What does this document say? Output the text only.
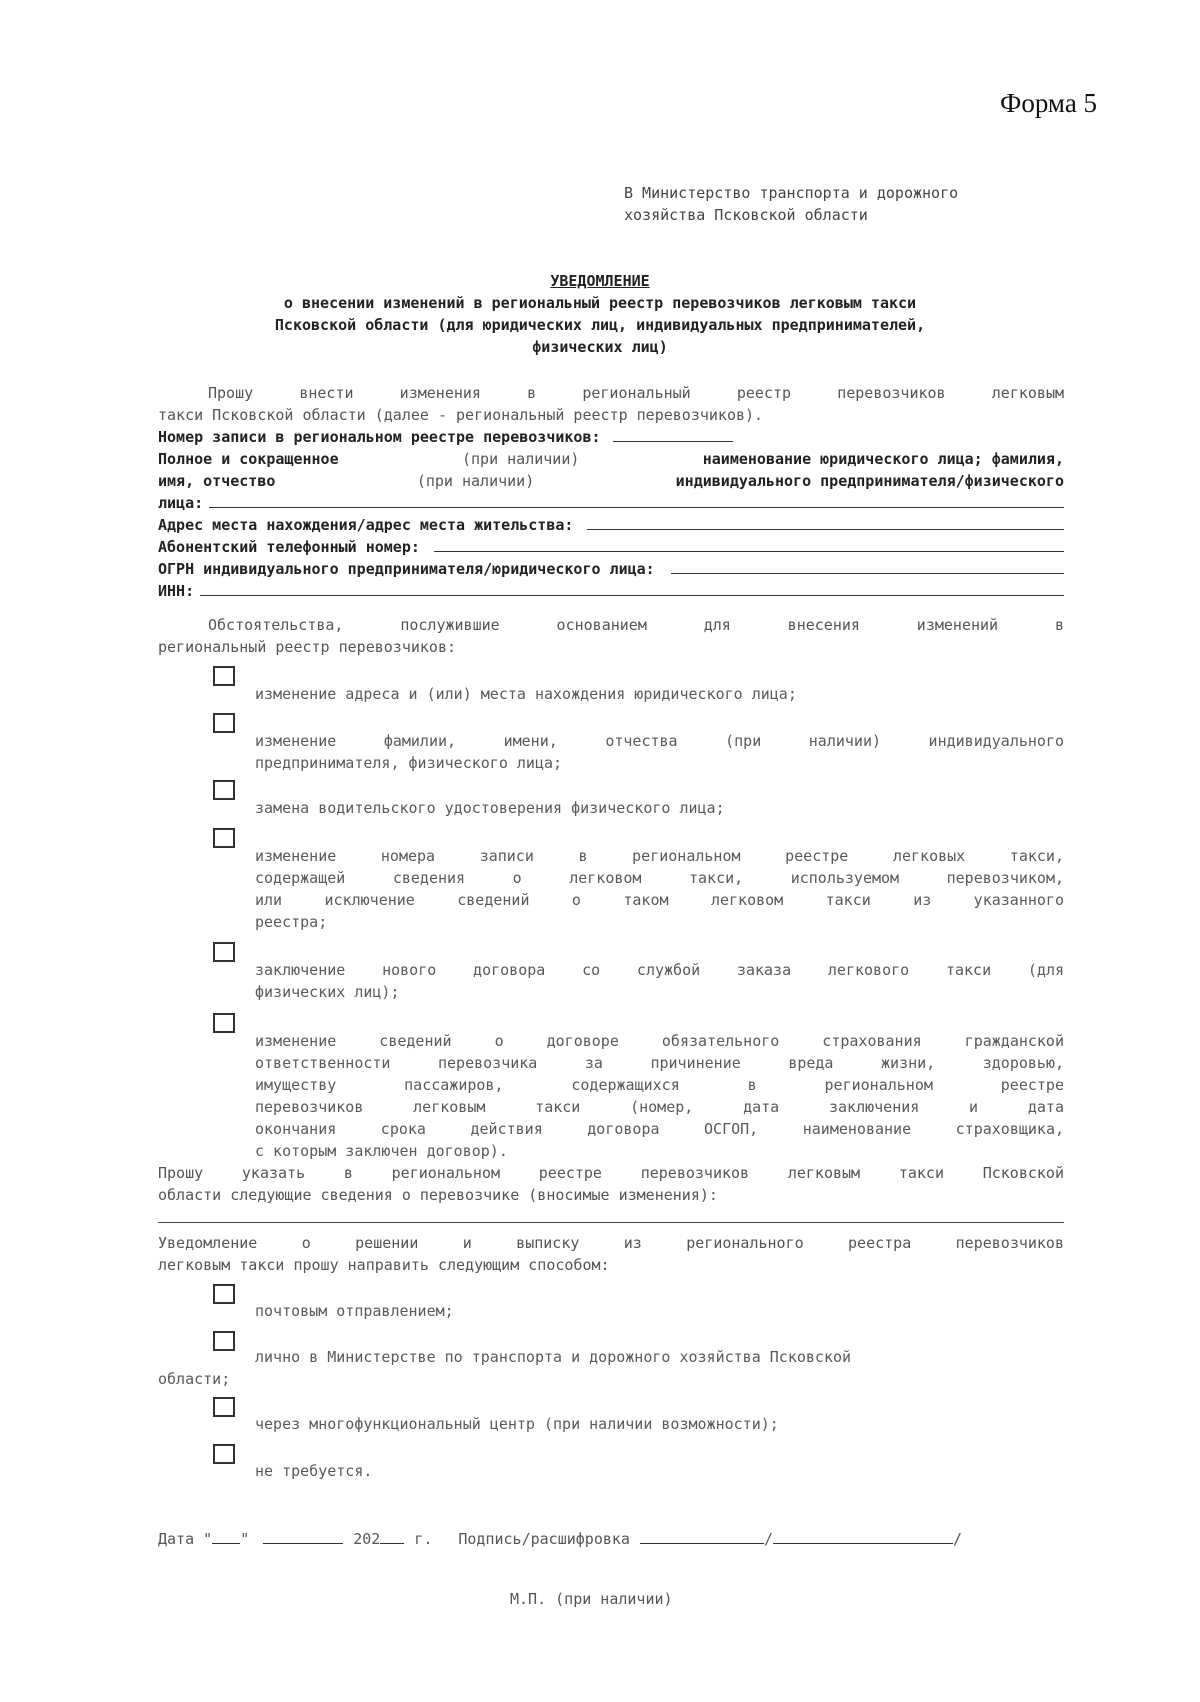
Форма 5
В Министерство транспорта и дорожного
хозяйства Псковской области
УВЕДОМЛЕНИЕ
о внесении изменений в региональный реестр перевозчиков легковым такси
Псковской области (для юридических лиц, индивидуальных предпринимателей,
физических лиц)
Прошу внести изменения в региональный реестр перевозчиков легковым
такси Псковской области (далее - региональный реестр перевозчиков).
Номер записи в региональном реестре перевозчиков:
Полное и сокращенное	(при наличии)	наименование юридического лица; фамилия,
имя, отчество	(при наличии)	индивидуального предпринимателя/физического
лица:
Адрес места нахождения/адрес места жительства:
Абонентский телефонный номер:
ОГРН индивидуального предпринимателя/юридического лица:
ИНН:
Обстоятельства, послужившие основанием для внесения изменений в
региональный реестр перевозчиков:
изменение адреса и (или) места нахождения юридического лица;
изменение фамилии, имени, отчества (при наличии) индивидуального
предпринимателя, физического лица;
замена водительского удостоверения физического лица;
изменение номера записи в региональном реестре легковых такси,
содержащей сведения о легковом такси, используемом перевозчиком,
или исключение сведений о таком легковом такси из указанного
реестра;
заключение нового договора со службой заказа легкового такси (для
физических лиц);
изменение сведений о договоре обязательного страхования гражданской
ответственности перевозчика за причинение вреда жизни, здоровью,
имуществу пассажиров, содержащихся в региональном реестре
перевозчиков легковым такси (номер, дата заключения и дата
окончания срока действия договора ОСГОП, наименование страховщика,
с которым заключен договор).
Прошу указать в региональном реестре перевозчиков легковым такси Псковской
области следующие сведения о перевозчике (вносимые изменения):
Уведомление о решении и выписку из регионального реестра перевозчиков
легковым такси прошу направить следующим способом:
почтовым отправлением;
лично в Министерстве по транспорта и дорожного хозяйства Псковской
области;
через многофункциональный центр (при наличии возможности);
не требуется.
Дата " "	202 г. Подпись/расшифровка	/	/
М.П. (при наличии)
